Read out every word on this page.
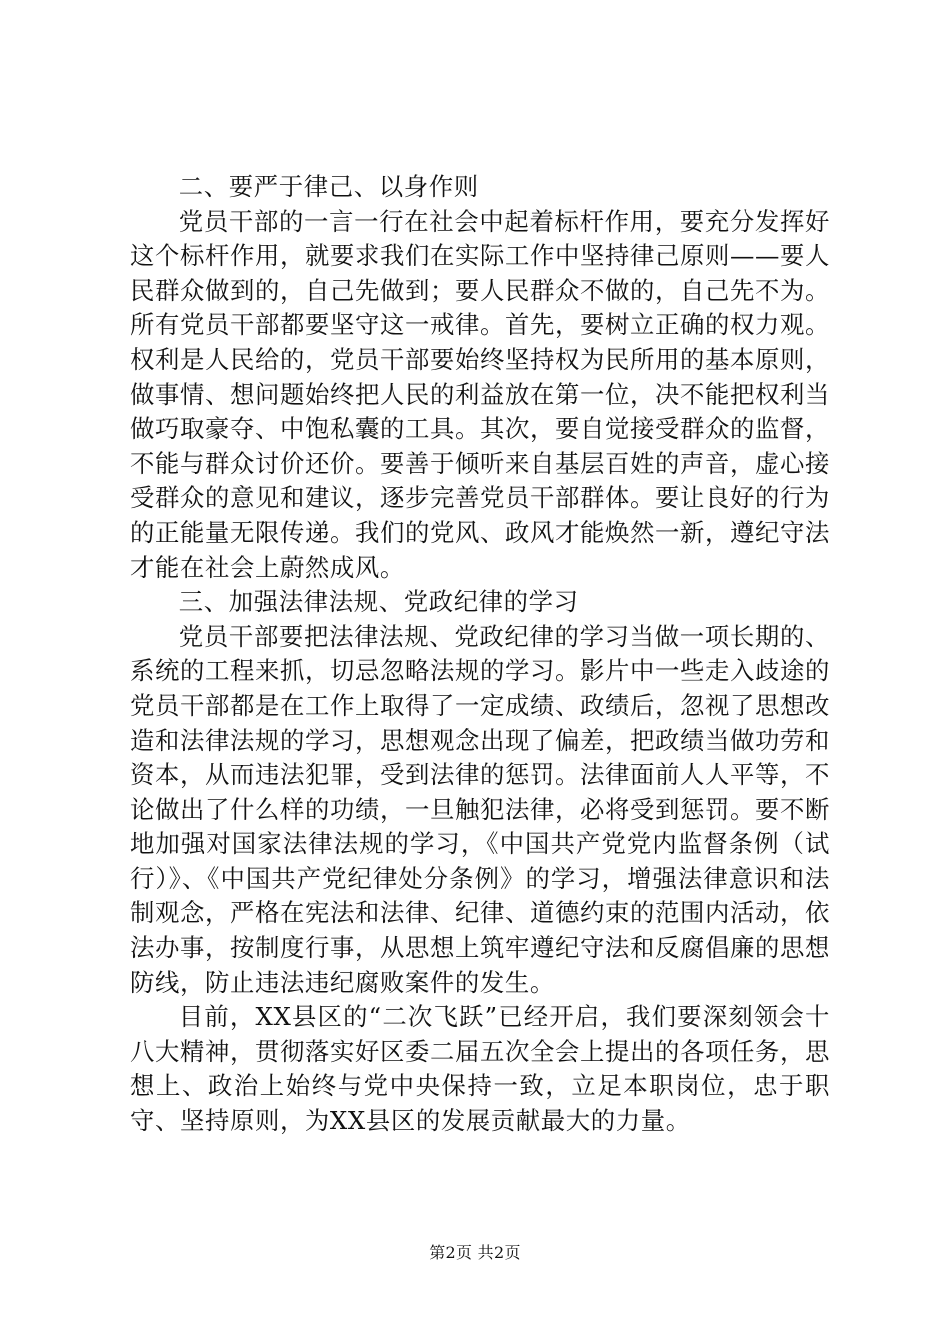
二、要严于律己、以身作则

党员干部的一言一行在社会中起着标杆作用，要充分发挥好这个标杆作用，就要求我们在实际工作中坚持律己原则——要人民群众做到的，自己先做到；要人民群众不做的，自己先不为。所有党员干部都要坚守这一戒律。首先，要树立正确的权力观。权利是人民给的，党员干部要始终坚持权为民所用的基本原则，做事情、想问题始终把人民的利益放在第一位，决不能把权利当做巧取豪夺、中饱私囊的工具。其次，要自觉接受群众的监督，不能与群众讨价还价。要善于倾听来自基层百姓的声音，虚心接受群众的意见和建议，逐步完善党员干部群体。要让良好的行为的正能量无限传递。我们的党风、政风才能焕然一新，遵纪守法才能在社会上蔚然成风。

三、加强法律法规、党政纪律的学习

党员干部要把法律法规、党政纪律的学习当做一项长期的、系统的工程来抓，切忌忽略法规的学习。影片中一些走入歧途的党员干部都是在工作上取得了一定成绩、政绩后，忽视了思想改造和法律法规的学习，思想观念出现了偏差，把政绩当做功劳和资本，从而违法犯罪，受到法律的惩罚。法律面前人人平等，不论做出了什么样的功绩，一旦触犯法律，必将受到惩罚。要不断地加强对国家法律法规的学习，《中国共产党党内监督条例（试行）》、《中国共产党纪律处分条例》的学习，增强法律意识和法制观念，严格在宪法和法律、纪律、道德约束的范围内活动，依法办事，按制度行事，从思想上筑牢遵纪守法和反腐倡廉的思想防线，防止违法违纪腐败案件的发生。

目前，XX县区的“二次飞跃”已经开启，我们要深刻领会十八大精神，贯彻落实好区委二届五次全会上提出的各项任务，思想上、政治上始终与党中央保持一致，立足本职岗位，忠于职守、坚持原则，为XX县区的发展贡献最大的力量。

第2页 共2页
